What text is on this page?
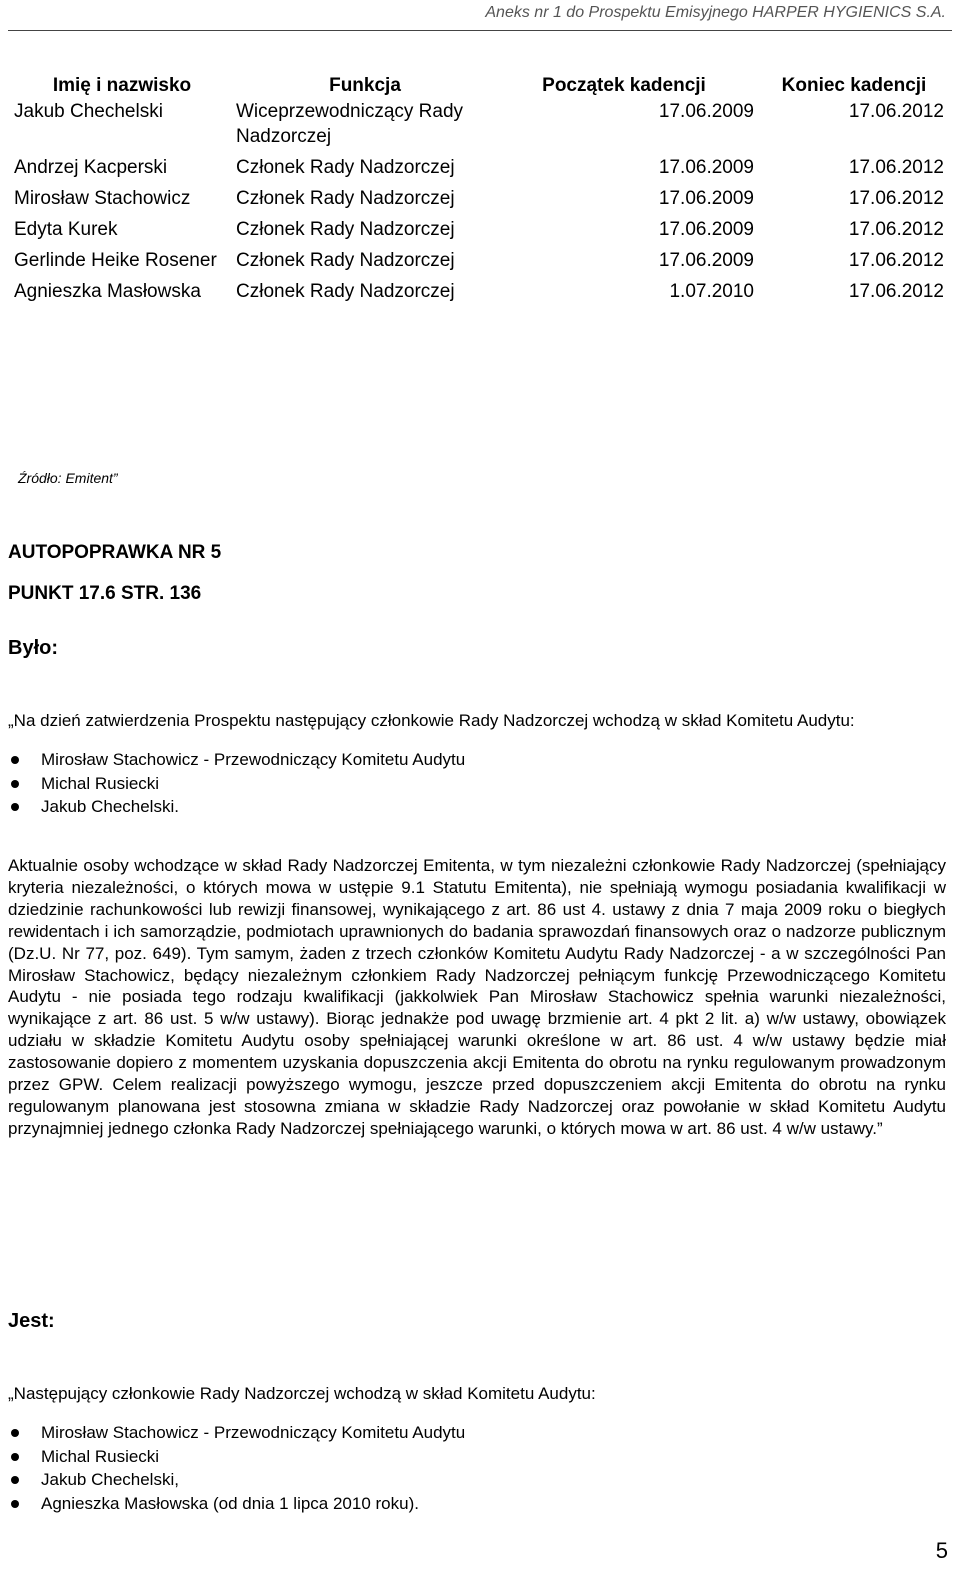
Aneks nr 1 do Prospektu Emisyjnego HARPER HYGIENICS S.A.
Imię i nazwisko	Funkcja	Początek kadencji	Koniec kadencji
Jakub Chechelski	Wiceprzewodniczący Rady Nadzorczej	17.06.2009	17.06.2012
Andrzej Kacperski	Członek Rady Nadzorczej	17.06.2009	17.06.2012
Mirosław Stachowicz	Członek Rady Nadzorczej	17.06.2009	17.06.2012
Edyta Kurek	Członek Rady Nadzorczej	17.06.2009	17.06.2012
Gerlinde Heike Rosener	Członek Rady Nadzorczej	17.06.2009	17.06.2012
Agnieszka Masłowska	Członek Rady Nadzorczej	1.07.2010	17.06.2012
Źródło: Emitent”
AUTOPOPRAWKA NR 5
PUNKT 17.6 STR. 136
Było:
„Na dzień zatwierdzenia Prospektu następujący członkowie Rady Nadzorczej wchodzą w skład Komitetu Audytu:
Mirosław Stachowicz - Przewodniczący Komitetu Audytu
Michal Rusiecki
Jakub Chechelski.
Aktualnie osoby wchodzące w skład Rady Nadzorczej Emitenta, w tym niezależni członkowie Rady Nadzorczej (spełniający kryteria niezależności, o których mowa w ustępie 9.1 Statutu Emitenta), nie spełniają wymogu posiadania kwalifikacji w dziedzinie rachunkowości lub rewizji finansowej, wynikającego z art. 86 ust 4. ustawy z dnia 7 maja 2009 roku o biegłych rewidentach i ich samorządzie, podmiotach uprawnionych do badania sprawozdań finansowych oraz o nadzorze publicznym (Dz.U. Nr 77, poz. 649). Tym samym, żaden z trzech członków Komitetu Audytu Rady Nadzorczej - a w szczególności Pan Mirosław Stachowicz, będący niezależnym członkiem Rady Nadzorczej pełniącym funkcję Przewodniczącego Komitetu Audytu - nie posiada tego rodzaju kwalifikacji (jakkolwiek Pan Mirosław Stachowicz spełnia warunki niezależności, wynikające z art. 86 ust. 5 w/w ustawy). Biorąc jednakże pod uwagę brzmienie art. 4 pkt 2 lit. a) w/w ustawy, obowiązek udziału w składzie Komitetu Audytu osoby spełniającej warunki określone w art. 86 ust. 4 w/w ustawy będzie miał zastosowanie dopiero z momentem uzyskania dopuszczenia akcji Emitenta do obrotu na rynku regulowanym prowadzonym przez GPW. Celem realizacji powyższego wymogu, jeszcze przed dopuszczeniem akcji Emitenta do obrotu na rynku regulowanym planowana jest stosowna zmiana w składzie Rady Nadzorczej oraz powołanie w skład Komitetu Audytu przynajmniej jednego członka Rady Nadzorczej spełniającego warunki, o których mowa w art. 86 ust. 4 w/w ustawy.”
Jest:
„Następujący członkowie Rady Nadzorczej wchodzą w skład Komitetu Audytu:
Mirosław Stachowicz - Przewodniczący Komitetu Audytu
Michal Rusiecki
Jakub Chechelski,
Agnieszka Masłowska (od dnia 1 lipca 2010 roku).
5
